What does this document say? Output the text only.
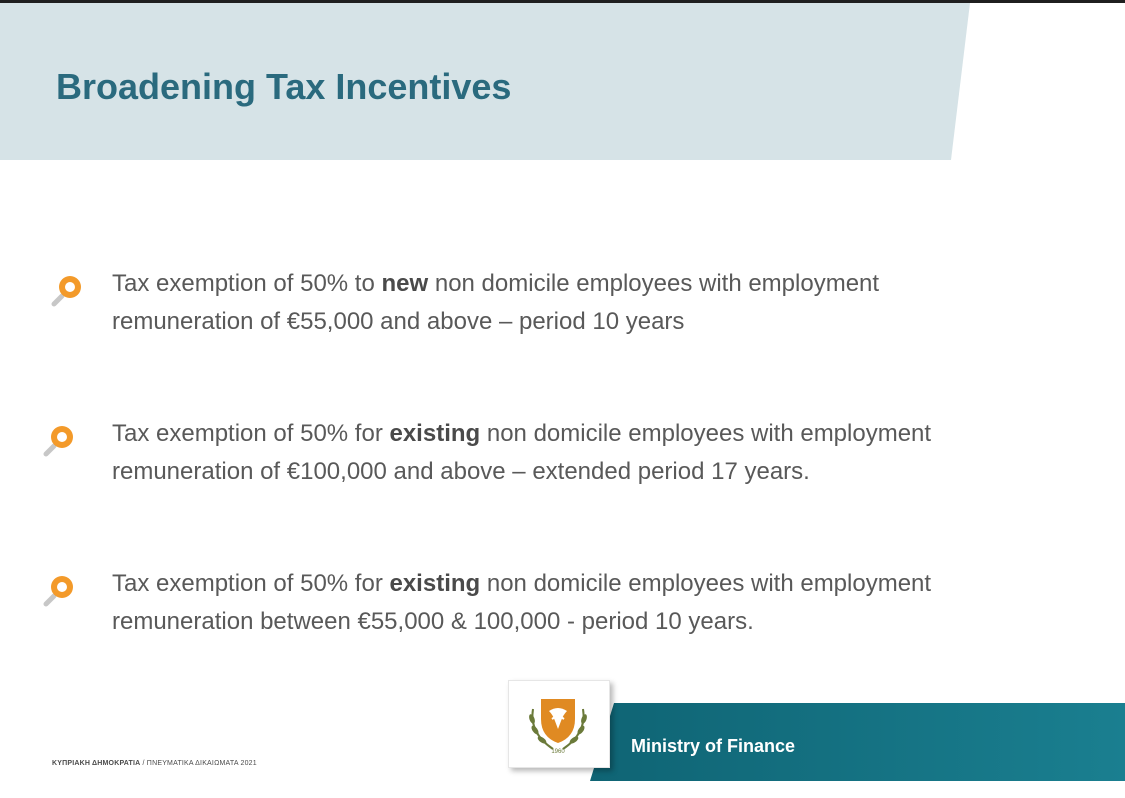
Broadening Tax Incentives

Tax exemption of 50% to new non domicile employees with employment
remuneration of €55,000 and above – period 10 years

Tax exemption of 50% for existing non domicile employees with employment
remuneration of €100,000 and above – extended period 17 years.

Tax exemption of 50% for existing non domicile employees with employment
remuneration between €55,000 & 100,000 - period 10 years.

ΚΥΠΡΙΑΚΗ ΔΗΜΟΚΡΑΤΙΑ / ΠΝΕΥΜΑΤΙΚΑ ΔΙΚΑΙΩΜΑΤΑ 2021
Ministry of Finance
1960
